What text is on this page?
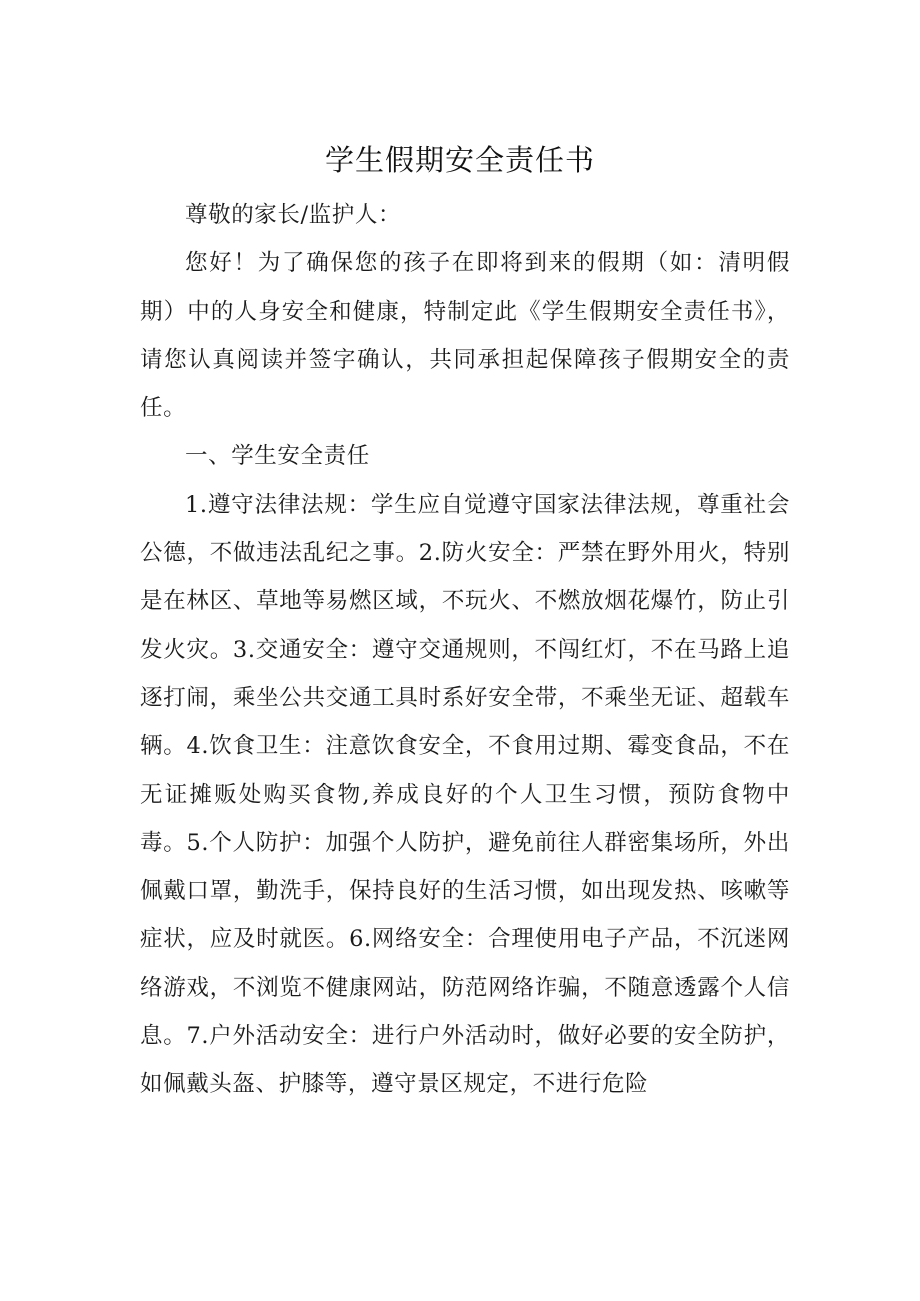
学生假期安全责任书

尊敬的家长/监护人：

您好！为了确保您的孩子在即将到来的假期（如：清明假期）中的人身安全和健康，特制定此《学生假期安全责任书》，请您认真阅读并签字确认，共同承担起保障孩子假期安全的责任。

一、学生安全责任

1.遵守法律法规：学生应自觉遵守国家法律法规，尊重社会公德，不做违法乱纪之事。2.防火安全：严禁在野外用火，特别是在林区、草地等易燃区域，不玩火、不燃放烟花爆竹，防止引发火灾。3.交通安全：遵守交通规则，不闯红灯，不在马路上追逐打闹，乘坐公共交通工具时系好安全带，不乘坐无证、超载车辆。4.饮食卫生：注意饮食安全，不食用过期、霉变食品，不在无证摊贩处购买食物,养成良好的个人卫生习惯，预防食物中毒。5.个人防护：加强个人防护，避免前往人群密集场所，外出佩戴口罩，勤洗手，保持良好的生活习惯，如出现发热、咳嗽等症状，应及时就医。6.网络安全：合理使用电子产品，不沉迷网络游戏，不浏览不健康网站，防范网络诈骗，不随意透露个人信息。7.户外活动安全：进行户外活动时，做好必要的安全防护，如佩戴头盔、护膝等，遵守景区规定，不进行危险
